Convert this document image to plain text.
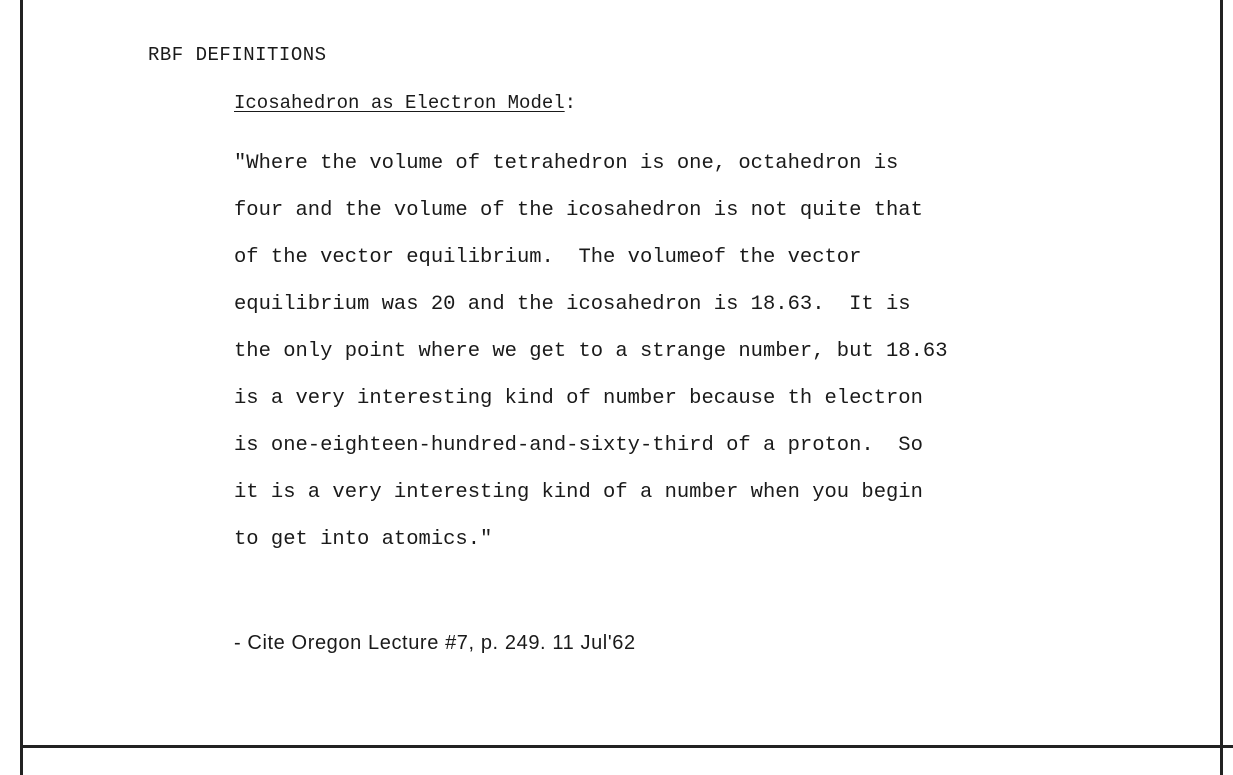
RBF DEFINITIONS
Icosahedron as Electron Model:
"Where the volume of tetrahedron is one, octahedron is
four and the volume of the icosahedron is not quite that
of the vector equilibrium.  The volumeof the vector
equilibrium was 20 and the icosahedron is 18.63.  It is
the only point where we get to a strange number, but 18.63
is a very interesting kind of number because th electron
is one-eighteen-hundred-and-sixty-third of a proton.  So
it is a very interesting kind of a number when you begin
to get into atomics."
- Cite Oregon Lecture #7, p. 249. 11 Jul'62
